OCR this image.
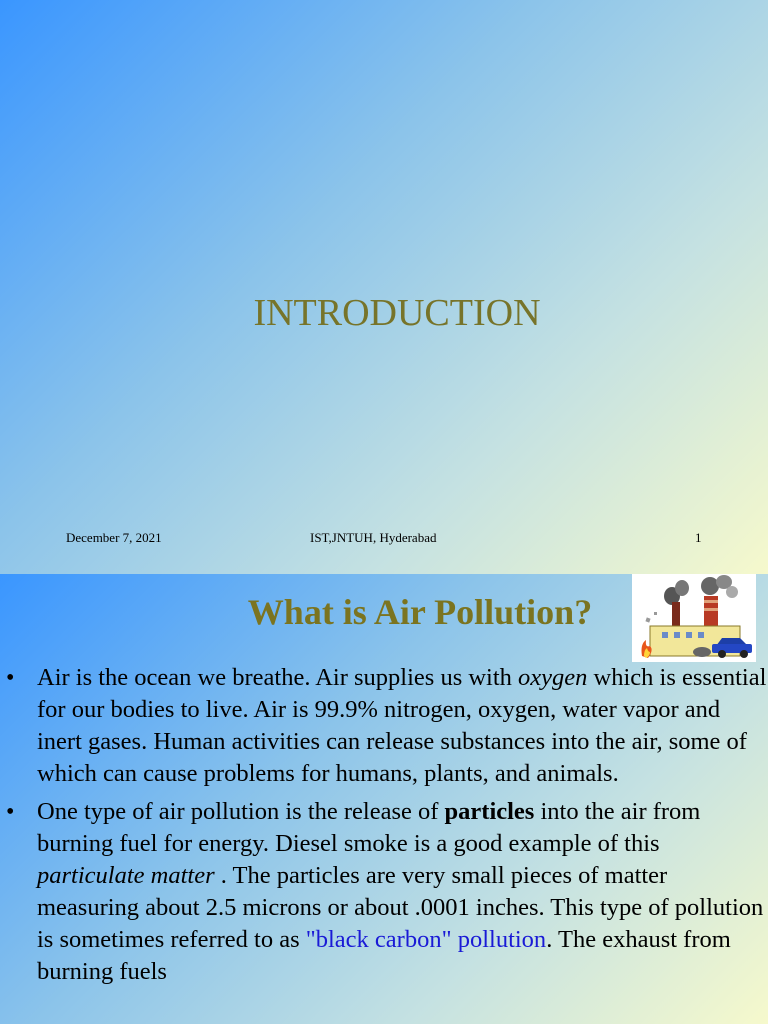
INTRODUCTION
December 7, 2021	IST,JNTUH, Hyderabad	1
What is Air Pollution?
• Air is the ocean we breathe. Air supplies us with oxygen which is essential for our bodies to live. Air is 99.9% nitrogen, oxygen, water vapor and inert gases. Human activities can release substances into the air, some of which can cause problems for humans, plants, and animals.
• One type of air pollution is the release of particles into the air from burning fuel for energy. Diesel smoke is a good example of this particulate matter . The particles are very small pieces of matter measuring about 2.5 microns or about .0001 inches. This type of pollution is sometimes referred to as "black carbon" pollution. The exhaust from burning fuels
